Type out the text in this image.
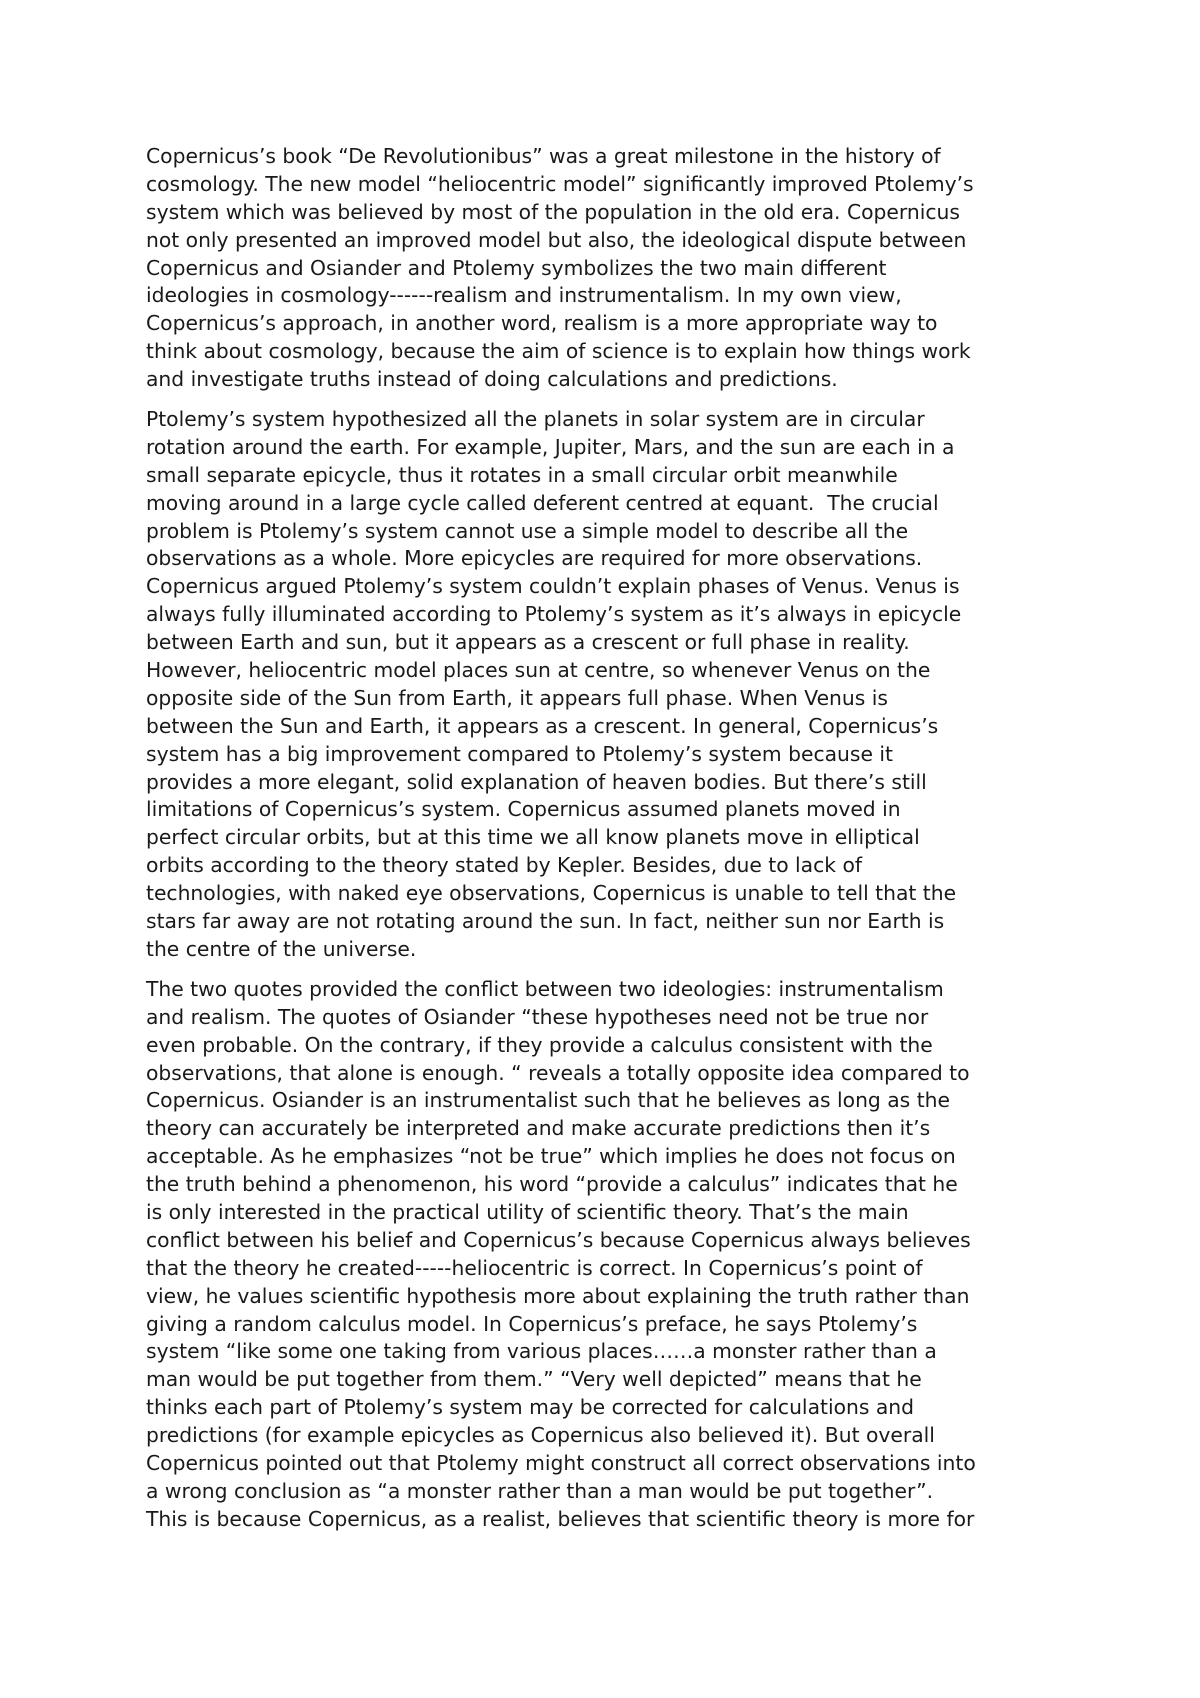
Copernicus’s book “De Revolutionibus” was a great milestone in the history of
cosmology. The new model “heliocentric model” significantly improved Ptolemy’s
system which was believed by most of the population in the old era. Copernicus
not only presented an improved model but also, the ideological dispute between
Copernicus and Osiander and Ptolemy symbolizes the two main different
ideologies in cosmology------realism and instrumentalism. In my own view,
Copernicus’s approach, in another word, realism is a more appropriate way to
think about cosmology, because the aim of science is to explain how things work
and investigate truths instead of doing calculations and predictions.
Ptolemy’s system hypothesized all the planets in solar system are in circular
rotation around the earth. For example, Jupiter, Mars, and the sun are each in a
small separate epicycle, thus it rotates in a small circular orbit meanwhile
moving around in a large cycle called deferent centred at equant.  The crucial
problem is Ptolemy’s system cannot use a simple model to describe all the
observations as a whole. More epicycles are required for more observations.
Copernicus argued Ptolemy’s system couldn’t explain phases of Venus. Venus is
always fully illuminated according to Ptolemy’s system as it’s always in epicycle
between Earth and sun, but it appears as a crescent or full phase in reality.
However, heliocentric model places sun at centre, so whenever Venus on the
opposite side of the Sun from Earth, it appears full phase. When Venus is
between the Sun and Earth, it appears as a crescent. In general, Copernicus’s
system has a big improvement compared to Ptolemy’s system because it
provides a more elegant, solid explanation of heaven bodies. But there’s still
limitations of Copernicus’s system. Copernicus assumed planets moved in
perfect circular orbits, but at this time we all know planets move in elliptical
orbits according to the theory stated by Kepler. Besides, due to lack of
technologies, with naked eye observations, Copernicus is unable to tell that the
stars far away are not rotating around the sun. In fact, neither sun nor Earth is
the centre of the universe.
The two quotes provided the conflict between two ideologies: instrumentalism
and realism. The quotes of Osiander “these hypotheses need not be true nor
even probable. On the contrary, if they provide a calculus consistent with the
observations, that alone is enough. “ reveals a totally opposite idea compared to
Copernicus. Osiander is an instrumentalist such that he believes as long as the
theory can accurately be interpreted and make accurate predictions then it’s
acceptable. As he emphasizes “not be true” which implies he does not focus on
the truth behind a phenomenon, his word “provide a calculus” indicates that he
is only interested in the practical utility of scientific theory. That’s the main
conflict between his belief and Copernicus’s because Copernicus always believes
that the theory he created-----heliocentric is correct. In Copernicus’s point of
view, he values scientific hypothesis more about explaining the truth rather than
giving a random calculus model. In Copernicus’s preface, he says Ptolemy’s
system “like some one taking from various places……a monster rather than a
man would be put together from them.” “Very well depicted” means that he
thinks each part of Ptolemy’s system may be corrected for calculations and
predictions (for example epicycles as Copernicus also believed it). But overall
Copernicus pointed out that Ptolemy might construct all correct observations into
a wrong conclusion as “a monster rather than a man would be put together”.
This is because Copernicus, as a realist, believes that scientific theory is more for
